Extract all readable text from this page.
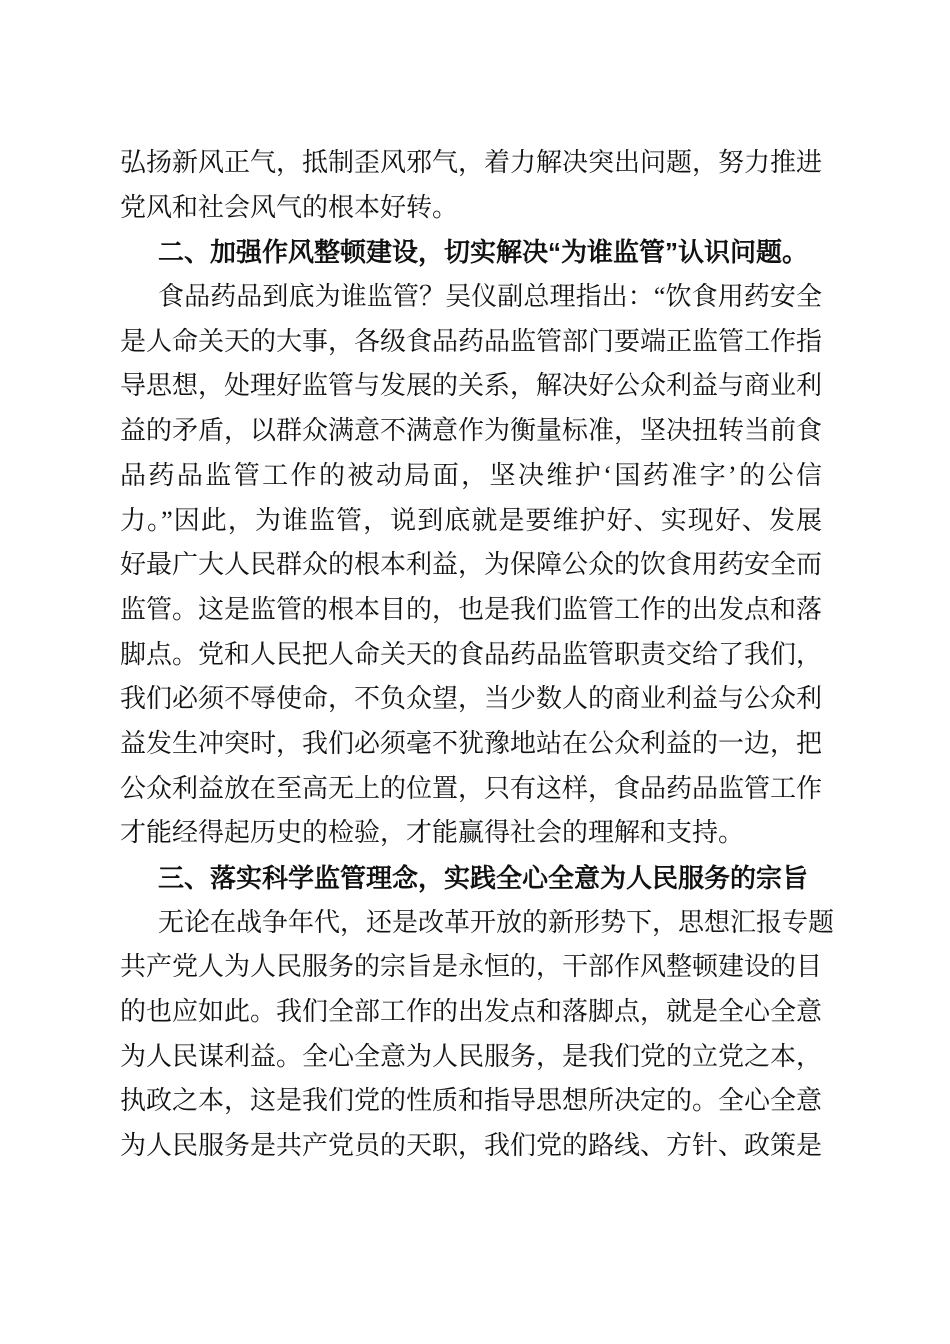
弘扬新风正气，抵制歪风邪气，着力解决突出问题，努力推进
党风和社会风气的根本好转。
二、加强作风整顿建设，切实解决“为谁监管”认识问题。
食品药品到底为谁监管？吴仪副总理指出：“饮食用药安全
是人命关天的大事，各级食品药品监管部门要端正监管工作指
导思想，处理好监管与发展的关系，解决好公众利益与商业利
益的矛盾，以群众满意不满意作为衡量标准，坚决扭转当前食
品药品监管工作的被动局面，坚决维护‘国药准字’的公信
力。”因此，为谁监管，说到底就是要维护好、实现好、发展
好最广大人民群众的根本利益，为保障公众的饮食用药安全而
监管。这是监管的根本目的，也是我们监管工作的出发点和落
脚点。党和人民把人命关天的食品药品监管职责交给了我们，
我们必须不辱使命，不负众望，当少数人的商业利益与公众利
益发生冲突时，我们必须毫不犹豫地站在公众利益的一边，把
公众利益放在至高无上的位置，只有这样，食品药品监管工作
才能经得起历史的检验，才能赢得社会的理解和支持。
三、落实科学监管理念，实践全心全意为人民服务的宗旨
无论在战争年代，还是改革开放的新形势下，思想汇报专题
共产党人为人民服务的宗旨是永恒的，干部作风整顿建设的目
的也应如此。我们全部工作的出发点和落脚点，就是全心全意
为人民谋利益。全心全意为人民服务，是我们党的立党之本，
执政之本，这是我们党的性质和指导思想所决定的。全心全意
为人民服务是共产党员的天职，我们党的路线、方针、政策是
